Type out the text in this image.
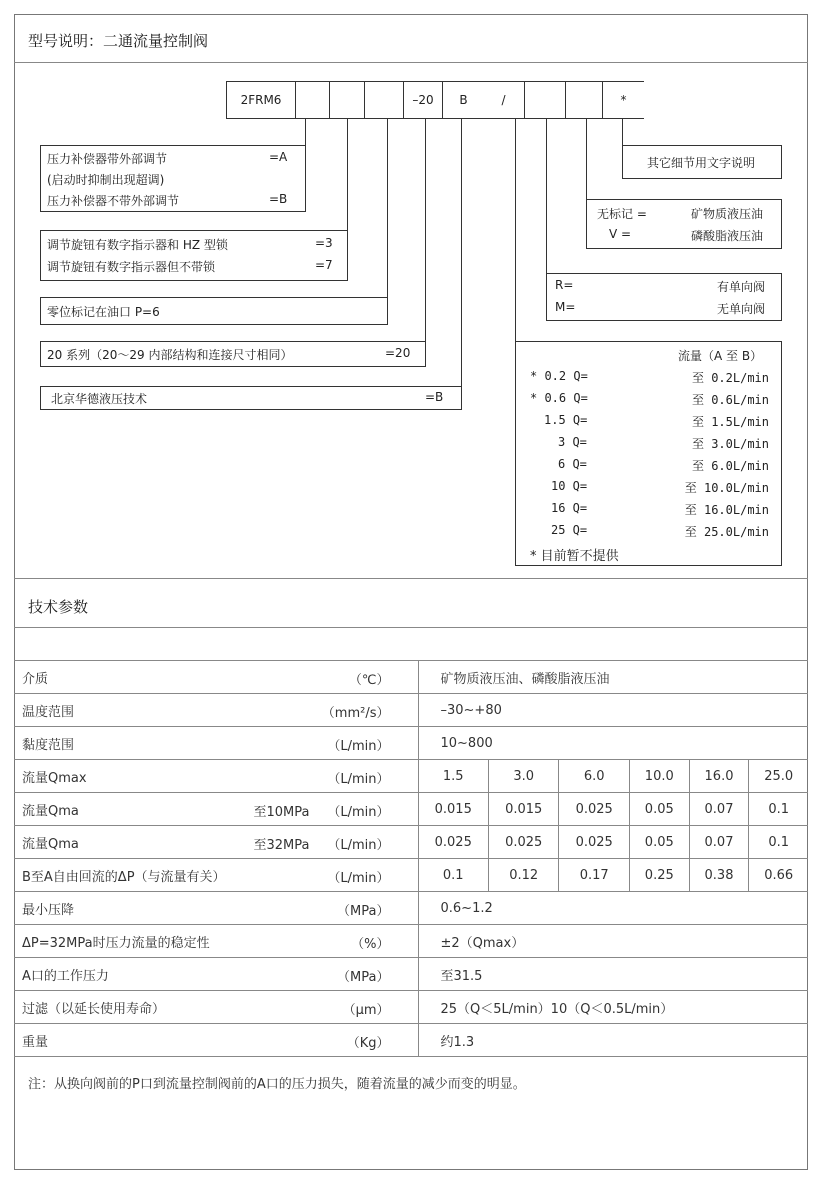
型号说明：二通流量控制阀
2FRM6	–20	B	/	*
压力补偿器带外部调节	=A
(启动时抑制出现超调)
压力补偿器不带外部调节	=B
调节旋钮有数字指示器和 HZ 型锁	=3
调节旋钮有数字指示器但不带锁	=7
零位标记在油口 P=6
20 系列（20～29 内部结构和连接尺寸相同）	=20
北京华德液压技术	=B
其它细节用文字说明
无标记 =	矿物质液压油
V =	磷酸脂液压油
R=	有单向阀
M=	无单向阀
流量（A 至 B）
* 0.2 Q=	至 0.2L/min
* 0.6 Q=	至 0.6L/min
1.5 Q=	至 1.5L/min
3 Q=	至 3.0L/min
6 Q=	至 6.0L/min
10 Q=	至 10.0L/min
16 Q=	至 16.0L/min
25 Q=	至 25.0L/min
* 目前暂不提供
技术参数
介质 （℃）	矿物质液压油、磷酸脂液压油					
温度范围 （mm²/s）	–30~+80					
黏度范围 （L/min）	10~800					
流量Qmax （L/min）	1.5	3.0	6.0	10.0	16.0	25.0
流量Qma 至10MPa （L/min）	0.015	0.015	0.025	0.05	0.07	0.1
流量Qma 至32MPa （L/min）	0.025	0.025	0.025	0.05	0.07	0.1
B至A自由回流的ΔP（与流量有关） （L/min）	0.1	0.12	0.17	0.25	0.38	0.66
最小压降 （MPa）	0.6~1.2					
ΔP=32MPa时压力流量的稳定性 （%）	±2（Qmax）					
A口的工作压力 （MPa）	至31.5					
过滤（以延长使用寿命） （μm）	25（Q＜5L/min）10（Q＜0.5L/min）					
重量 （Kg）	约1.3					
注：从换向阀前的P口到流量控制阀前的A口的压力损失，随着流量的减少而变的明显。
